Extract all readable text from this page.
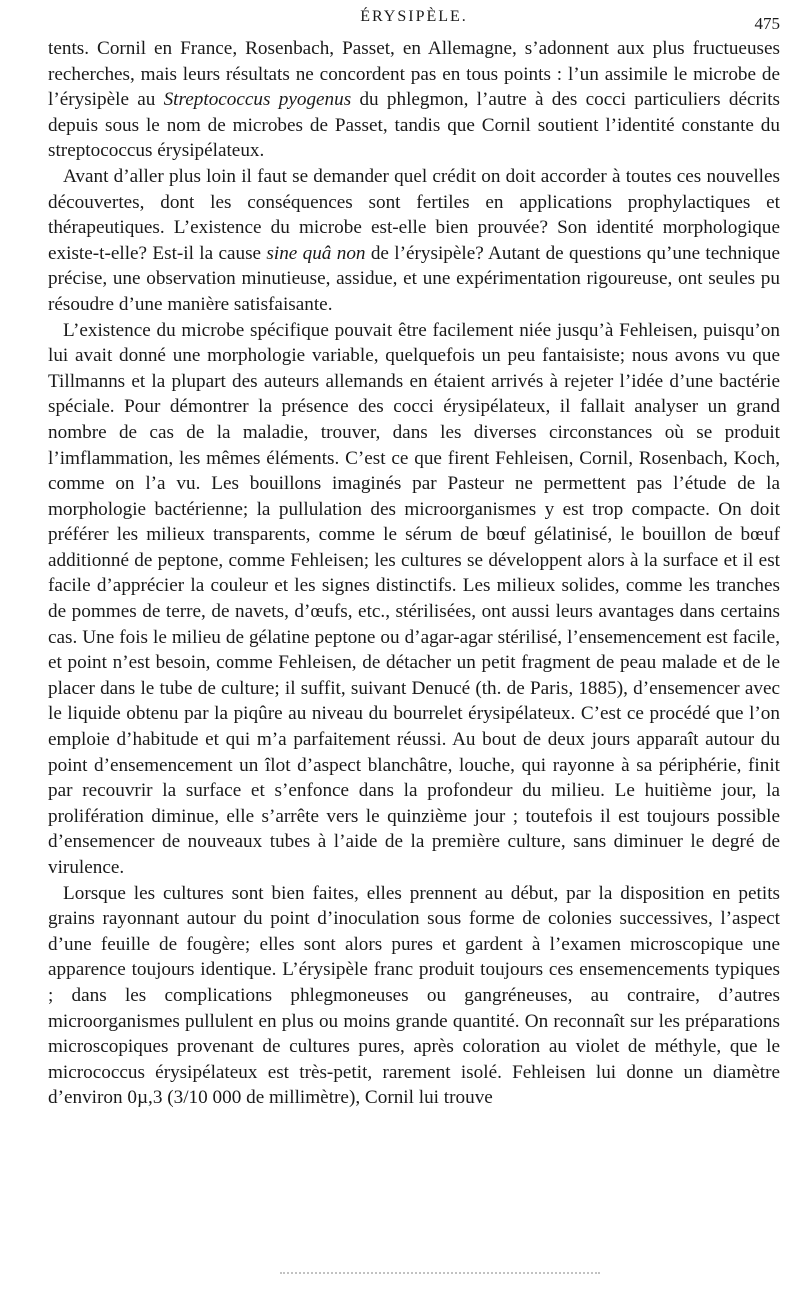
ÉRYSIPÈLE.	475

tents. Cornil en France, Rosenbach, Passet, en Allemagne, s’adonnent aux plus fructueuses recherches, mais leurs résultats ne concordent pas en tous points : l’un assimile le microbe de l’érysipèle au Streptococcus pyogenus du phlegmon, l’autre à des cocci particuliers décrits depuis sous le nom de microbes de Passet, tandis que Cornil soutient l’identité constante du streptococcus érysipélateux.

Avant d’aller plus loin il faut se demander quel crédit on doit accorder à toutes ces nouvelles découvertes, dont les conséquences sont fertiles en applications prophylactiques et thérapeutiques. L’existence du microbe est-elle bien prouvée? Son identité morphologique existe-t-elle? Est-il la cause sine quâ non de l’érysipèle? Autant de questions qu’une technique précise, une observation minutieuse, assidue, et une expérimentation rigoureuse, ont seules pu résoudre d’une manière satisfaisante.

L’existence du microbe spécifique pouvait être facilement niée jusqu’à Fehleisen, puisqu’on lui avait donné une morphologie variable, quelquefois un peu fantaisiste; nous avons vu que Tillmanns et la plupart des auteurs allemands en étaient arrivés à rejeter l’idée d’une bactérie spéciale. Pour démontrer la présence des cocci érysipélateux, il fallait analyser un grand nombre de cas de la maladie, trouver, dans les diverses circonstances où se produit l’imflammation, les mêmes éléments. C’est ce que firent Fehleisen, Cornil, Rosenbach, Koch, comme on l’a vu. Les bouillons imaginés par Pasteur ne permettent pas l’étude de la morphologie bactérienne; la pullulation des microorganismes y est trop compacte. On doit préférer les milieux transparents, comme le sérum de bœuf gélatinisé, le bouillon de bœuf additionné de peptone, comme Fehleisen; les cultures se développent alors à la surface et il est facile d’apprécier la couleur et les signes distinctifs. Les milieux solides, comme les tranches de pommes de terre, de navets, d’œufs, etc., stérilisées, ont aussi leurs avantages dans certains cas. Une fois le milieu de gélatine peptone ou d’agar-agar stérilisé, l’ensemencement est facile, et point n’est besoin, comme Fehleisen, de détacher un petit fragment de peau malade et de le placer dans le tube de culture; il suffit, suivant Denucé (th. de Paris, 1885), d’ensemencer avec le liquide obtenu par la piqûre au niveau du bourrelet érysipélateux. C’est ce procédé que l’on emploie d’habitude et qui m’a parfaitement réussi. Au bout de deux jours apparaît autour du point d’ensemencement un îlot d’aspect blanchâtre, louche, qui rayonne à sa périphérie, finit par recouvrir la surface et s’enfonce dans la profondeur du milieu. Le huitième jour, la prolifération diminue, elle s’arrête vers le quinzième jour ; toutefois il est toujours possible d’ensemencer de nouveaux tubes à l’aide de la première culture, sans diminuer le degré de virulence.

Lorsque les cultures sont bien faites, elles prennent au début, par la disposition en petits grains rayonnant autour du point d’inoculation sous forme de colonies successives, l’aspect d’une feuille de fougère; elles sont alors pures et gardent à l’examen microscopique une apparence toujours identique. L’érysipèle franc produit toujours ces ensemencements typiques ; dans les complications phlegmoneuses ou gangréneuses, au contraire, d’autres microorganismes pullulent en plus ou moins grande quantité. On reconnaît sur les préparations microscopiques provenant de cultures pures, après coloration au violet de méthyle, que le micrococcus érysipélateux est très-petit, rarement isolé. Fehleisen lui donne un diamètre d’environ 0µ,3 (3/10 000 de millimètre), Cornil lui trouve
